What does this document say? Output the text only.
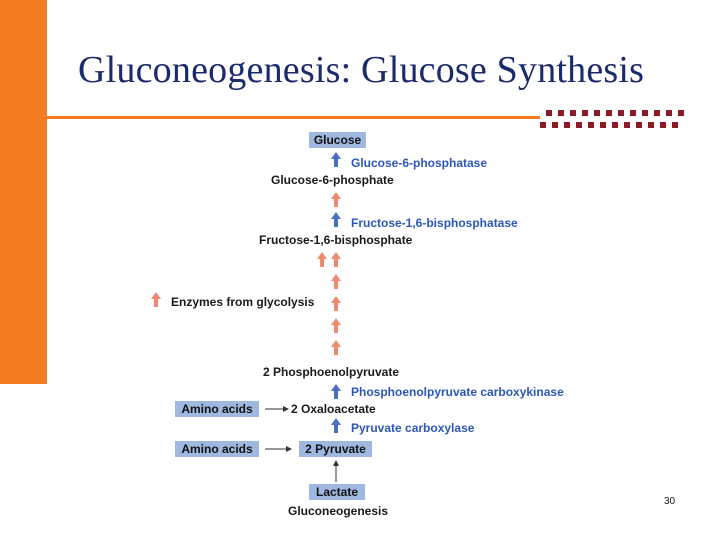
Gluconeogenesis: Glucose Synthesis
Glucose
Glucose-6-phosphatase
Glucose-6-phosphate
Fructose-1,6-bisphosphatase
Fructose-1,6-bisphosphate
Enzymes from glycolysis
2 Phosphoenolpyruvate
Phosphoenolpyruvate carboxykinase
Amino acids	2 Oxaloacetate
Pyruvate carboxylase
Amino acids	2 Pyruvate
Lactate
Gluconeogenesis
30
